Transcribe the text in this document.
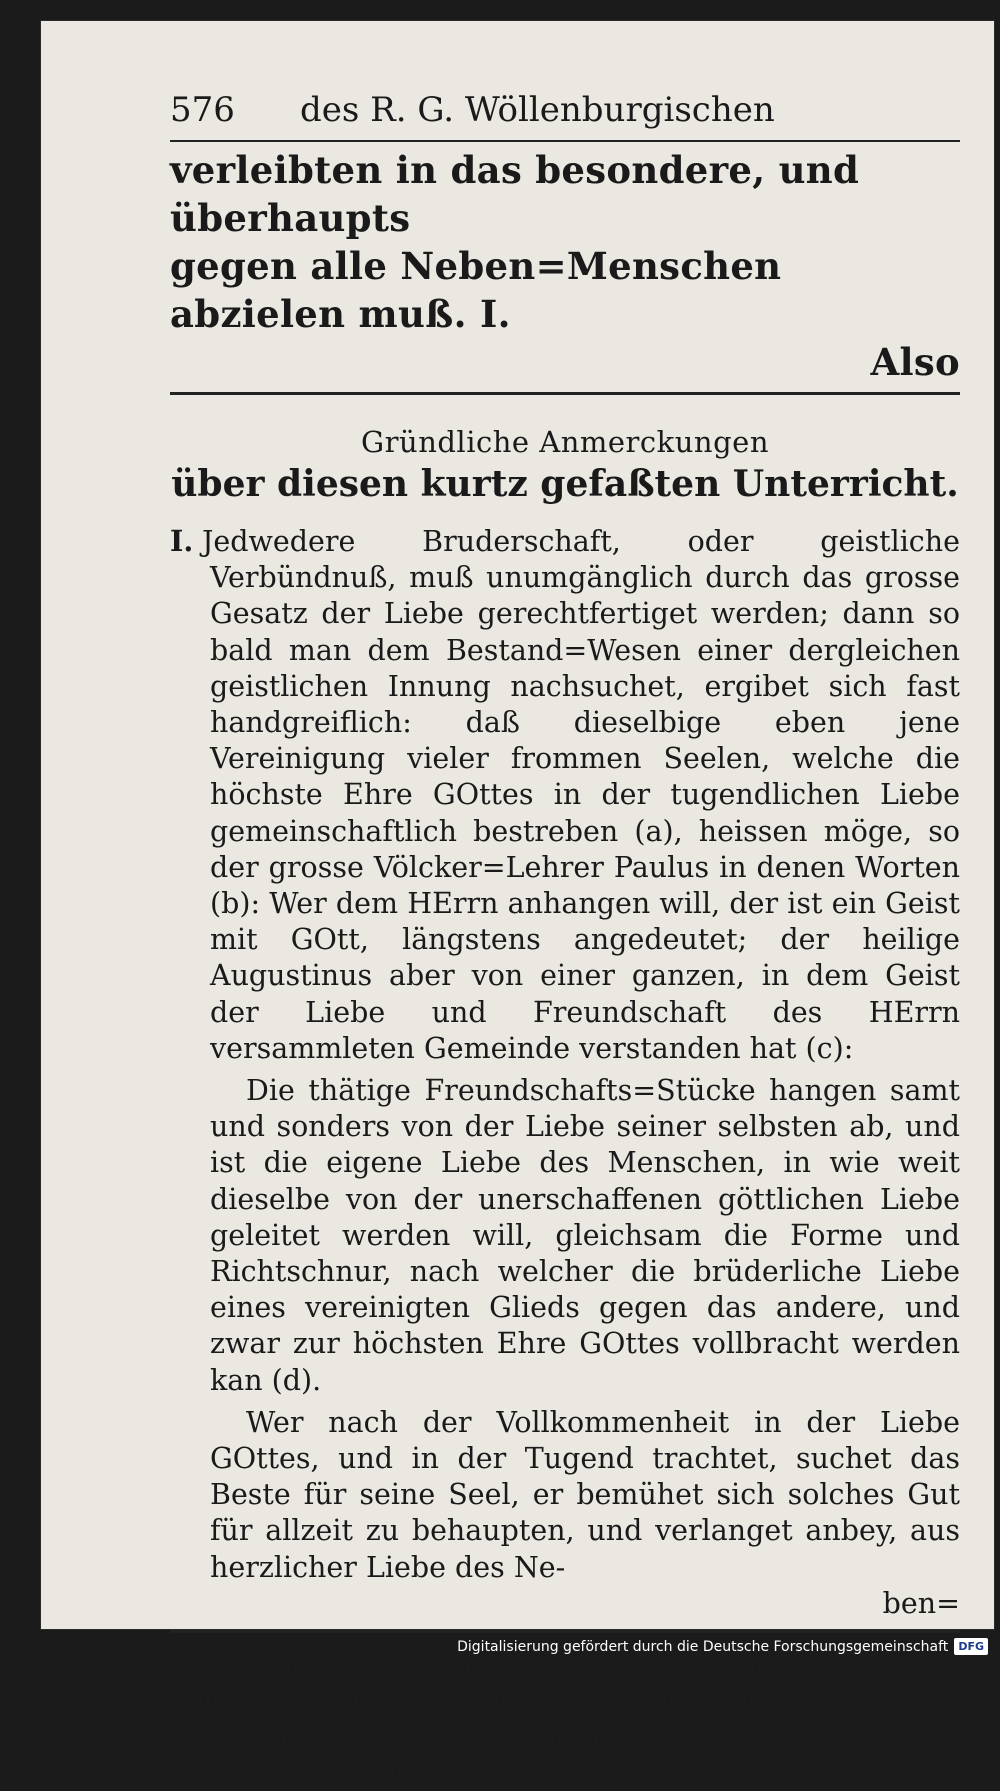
576	des R. G. Wöllenburgischen
verleibten in das besondere, und überhaupts
gegen alle Neben=Menschen abzielen muß. I.
Also
Gründliche Anmerckungen
über diesen kurtz gefaßten Unterricht.

I. Jedwedere Bruderschaft, oder geistliche Verbündnuß, muß unumgänglich durch das grosse Gesatz der Liebe gerechtfertiget werden; dann so bald man dem Bestand=Wesen einer dergleichen geistlichen Innung nachsuchet, ergibet sich fast handgreiflich: daß dieselbige eben jene Vereinigung vieler frommen Seelen, welche die höchste Ehre GOttes in der tugendlichen Liebe gemeinschaftlich bestreben (a), heissen möge, so der grosse Völcker=Lehrer Paulus in denen Worten (b): Wer dem HErrn anhangen will, der ist ein Geist mit GOtt, längstens angedeutet; der heilige Augustinus aber von einer ganzen, in dem Geist der Liebe und Freundschaft des HErrn versammleten Gemeinde verstanden hat (c):

Die thätige Freundschafts=Stücke hangen samt und sonders von der Liebe seiner selbsten ab, und ist die eigene Liebe des Menschen, in wie weit dieselbe von der unerschaffenen göttlichen Liebe geleitet werden will, gleichsam die Forme und Richtschnur, nach welcher die brüderliche Liebe eines vereinigten Glieds gegen das andere, und zwar zur höchsten Ehre GOttes vollbracht werden kan (d).

Wer nach der Vollkommenheit in der Liebe GOttes, und in der Tugend trachtet, suchet das Beste für seine Seel, er bemühet sich solches Gut für allzeit zu behaupten, und verlanget anbey, aus herzlicher Liebe des Ne-

ben=
(a) Conformiter ad de finit. Societat. à S. Thom. Opusc. contra
Religion. Impugnat. C. 5. col. 3. in fin. (b) 1. Cor. 6. v. 17.
(c) S. August. de civit. Dei ubi sup. in Prolog. (d) S. Thom. 2.
2. q. 26. art. 4. Argum. sed contra.
Digitalisierung gefördert durch die Deutsche Forschungsgemeinschaft DFG
